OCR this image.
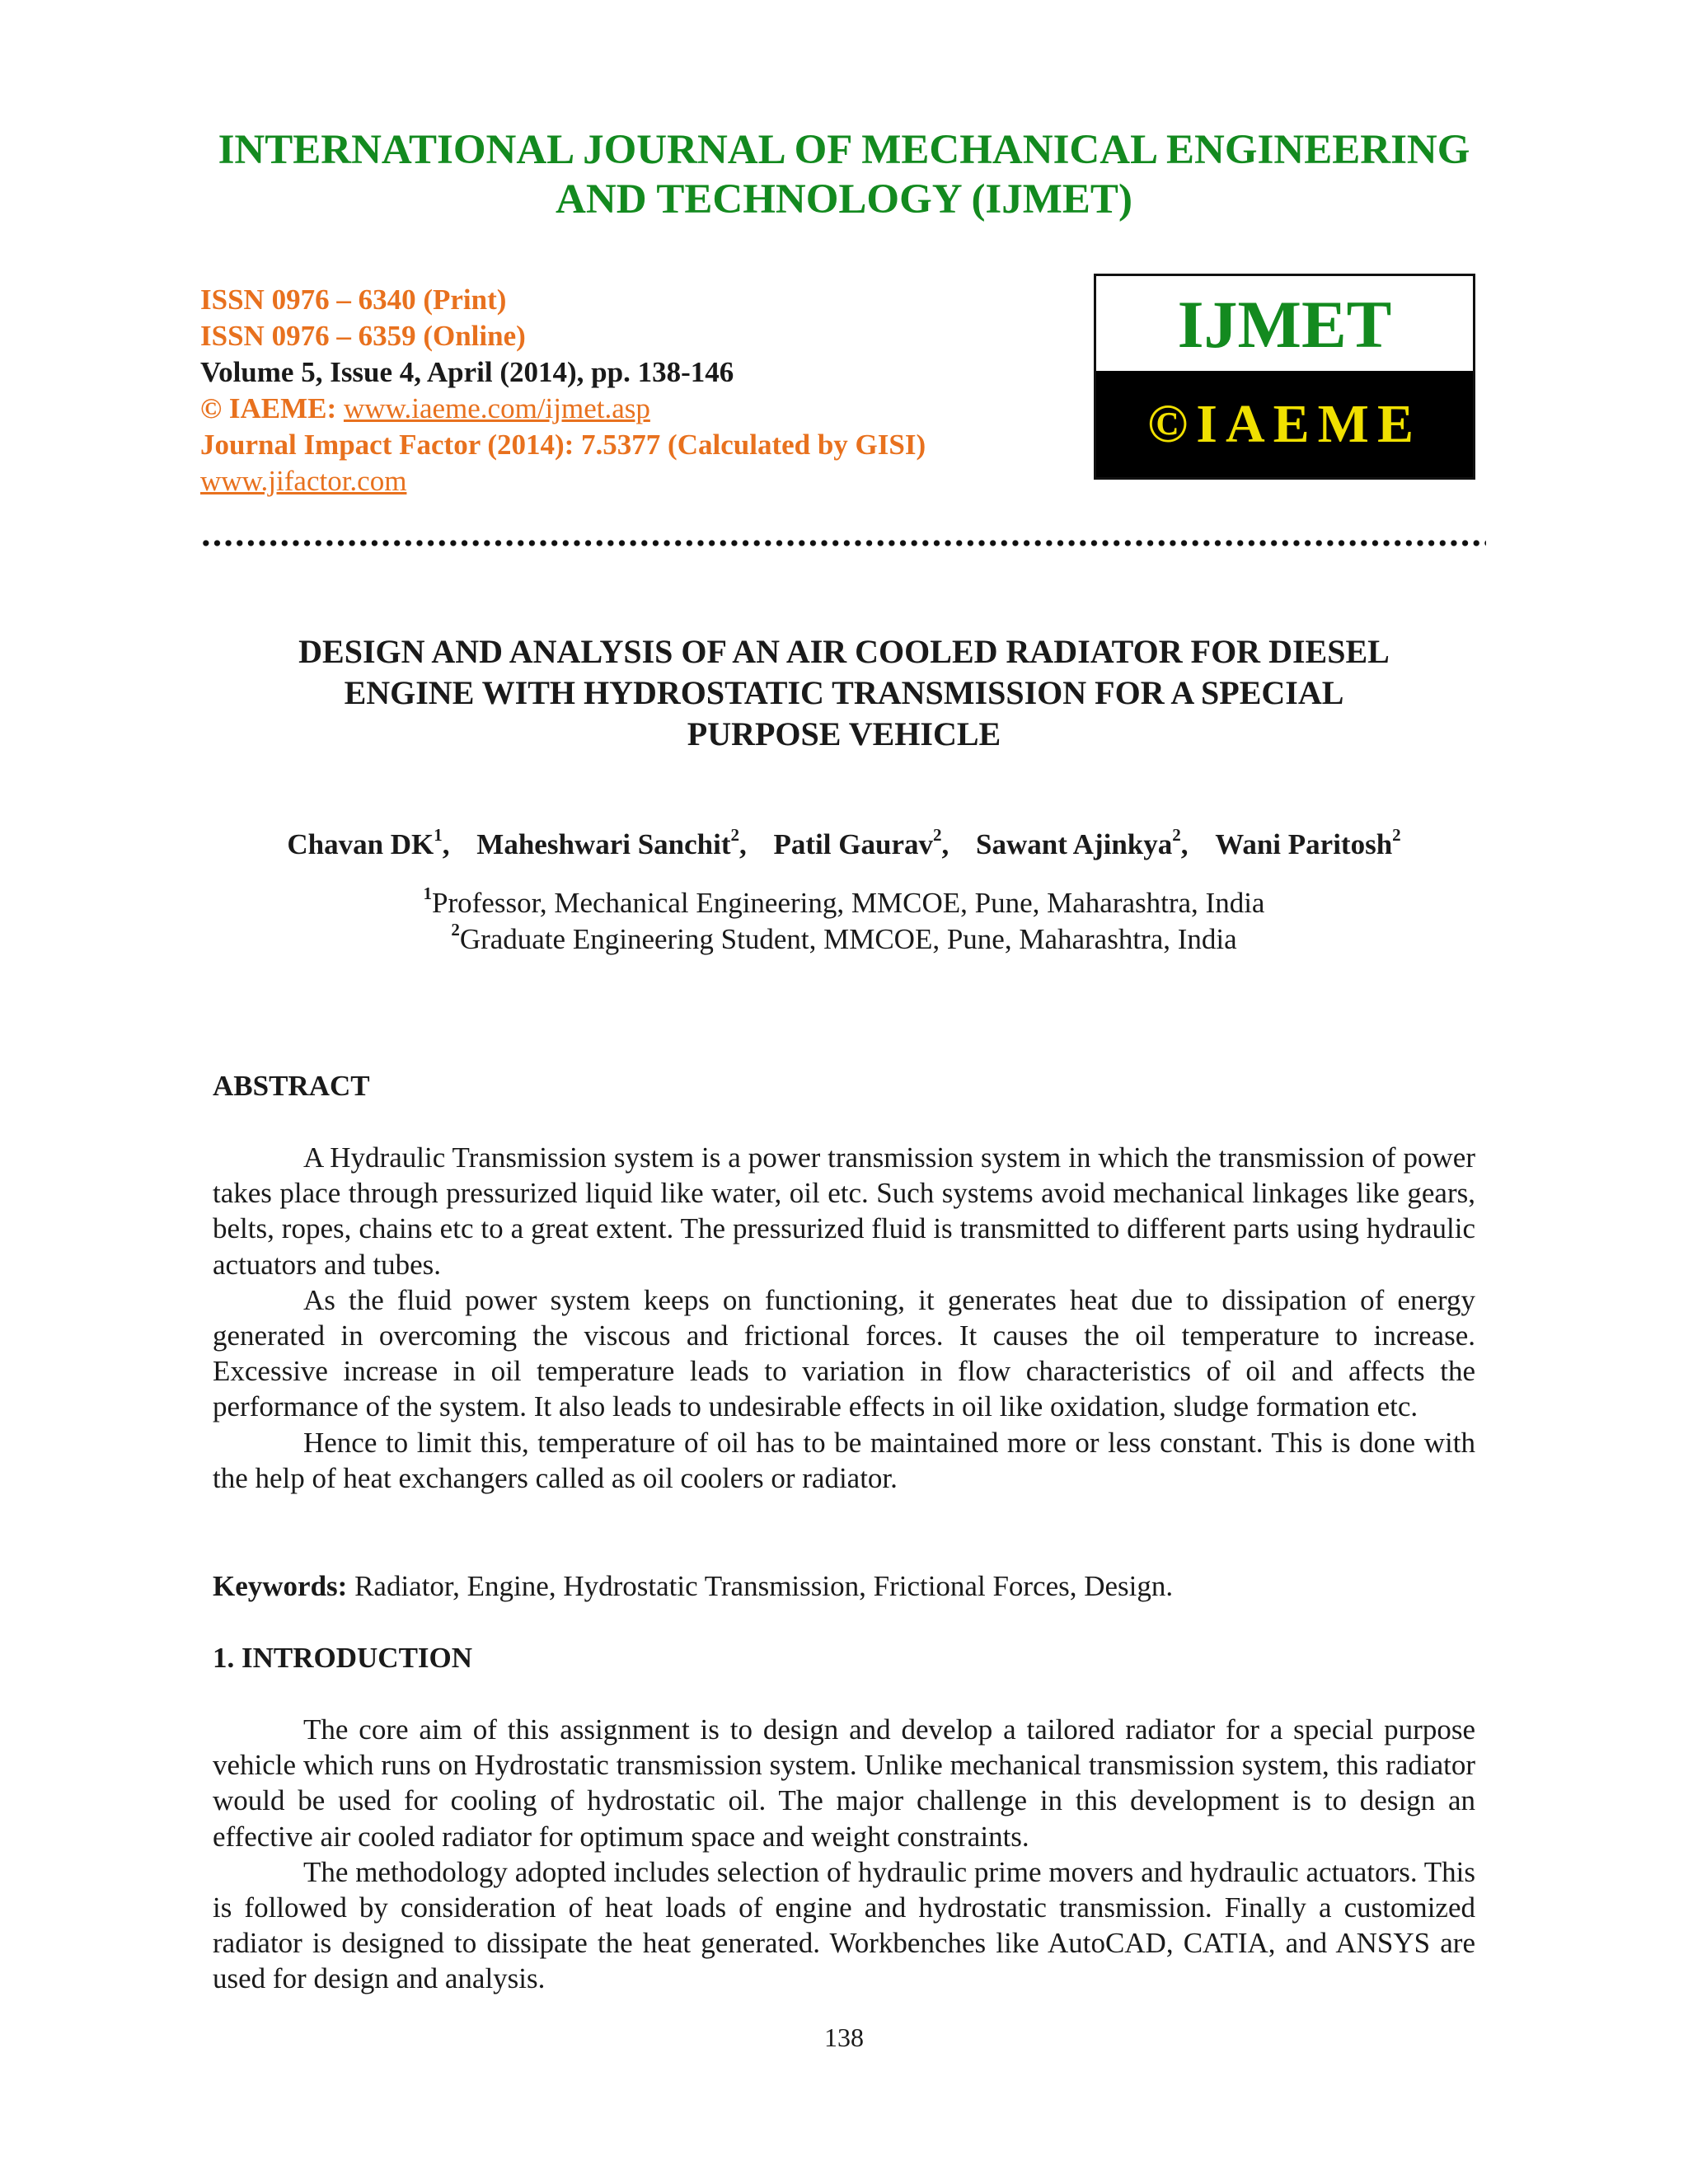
INTERNATIONAL JOURNAL OF MECHANICAL ENGINEERING
AND TECHNOLOGY (IJMET)
ISSN 0976 – 6340 (Print)
ISSN 0976 – 6359 (Online)
Volume 5, Issue 4, April (2014), pp. 138-146
© IAEME: www.iaeme.com/ijmet.asp
Journal Impact Factor (2014): 7.5377 (Calculated by GISI)
www.jifactor.com
IJMET
©IAEME
DESIGN AND ANALYSIS OF AN AIR COOLED RADIATOR FOR DIESEL
ENGINE WITH HYDROSTATIC TRANSMISSION FOR A SPECIAL
PURPOSE VEHICLE
Chavan $DK^1$, Maheshwari Sanchit$^2$, Patil Gaurav$^2$, Sawant Ajinkya$^2$, Wani Paritosh$^2$
$^1$Professor, Mechanical Engineering, MMCOE, Pune, Maharashtra, India
$^2$Graduate Engineering Student, MMCOE, Pune, Maharashtra, India
ABSTRACT

A Hydraulic Transmission system is a power transmission system in which the transmission of power takes place through pressurized liquid like water, oil etc. Such systems avoid mechanical linkages like gears, belts, ropes, chains etc to a great extent. The pressurized fluid is transmitted to different parts using hydraulic actuators and tubes.

As the fluid power system keeps on functioning, it generates heat due to dissipation of energy generated in overcoming the viscous and frictional forces. It causes the oil temperature to increase. Excessive increase in oil temperature leads to variation in flow characteristics of oil and affects the performance of the system. It also leads to undesirable effects in oil like oxidation, sludge formation etc.

Hence to limit this, temperature of oil has to be maintained more or less constant. This is done with the help of heat exchangers called as oil coolers or radiator.

Keywords: Radiator, Engine, Hydrostatic Transmission, Frictional Forces, Design.
1. INTRODUCTION

The core aim of this assignment is to design and develop a tailored radiator for a special purpose vehicle which runs on Hydrostatic transmission system. Unlike mechanical transmission system, this radiator would be used for cooling of hydrostatic oil. The major challenge in this development is to design an effective air cooled radiator for optimum space and weight constraints.

The methodology adopted includes selection of hydraulic prime movers and hydraulic actuators. This is followed by consideration of heat loads of engine and hydrostatic transmission. Finally a customized radiator is designed to dissipate the heat generated. Workbenches like AutoCAD, CATIA, and ANSYS are used for design and analysis.

138
